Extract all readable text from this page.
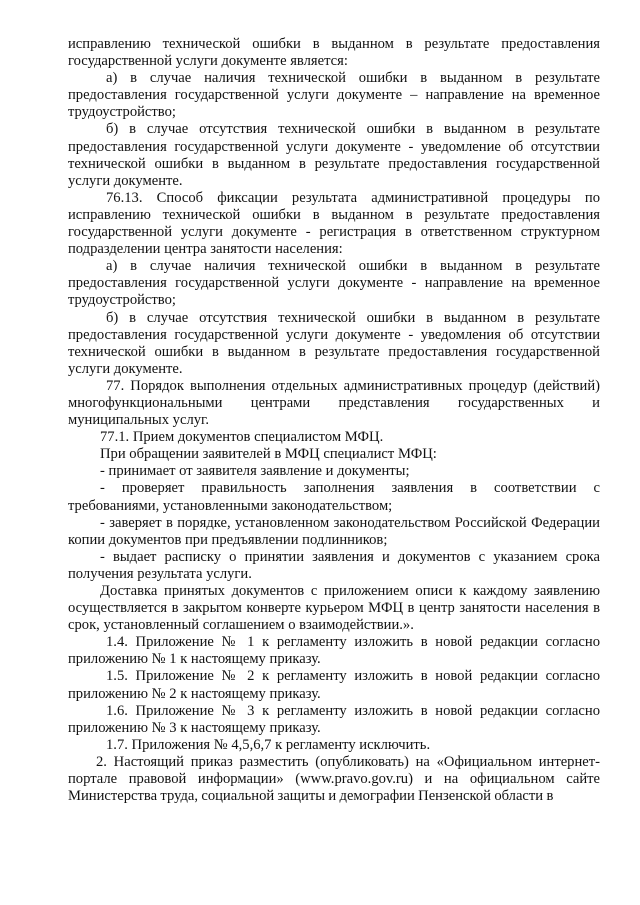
исправлению технической ошибки в выданном в результате предоставления государственной услуги документе является:

а) в случае наличия технической ошибки в выданном в результате предоставления государственной услуги документе – направление на временное трудоустройство;

б) в случае отсутствия технической ошибки в выданном в результате предоставления государственной услуги документе - уведомление об отсутствии технической ошибки в выданном в результате предоставления государственной услуги документе.

76.13. Способ фиксации результата административной процедуры по исправлению технической ошибки в выданном в результате предоставления государственной услуги документе - регистрация в ответственном структурном подразделении центра занятости населения:

а) в случае наличия технической ошибки в выданном в результате предоставления государственной услуги документе - направление на временное трудоустройство;

б) в случае отсутствия технической ошибки в выданном в результате предоставления государственной услуги документе - уведомления об отсутствии технической ошибки в выданном в результате предоставления государственной услуги документе.

77. Порядок выполнения отдельных административных процедур (действий) многофункциональными центрами представления государственных и муниципальных услуг.

77.1. Прием документов специалистом МФЦ.

При обращении заявителей в МФЦ специалист МФЦ:

- принимает от заявителя заявление и документы;

- проверяет правильность заполнения заявления в соответствии с требованиями, установленными законодательством;

- заверяет в порядке, установленном законодательством Российской Федерации копии документов при предъявлении подлинников;

- выдает расписку о принятии заявления и документов с указанием срока получения результата услуги.

Доставка принятых документов с приложением описи к каждому заявлению осуществляется в закрытом конверте курьером МФЦ в центр занятости населения в срок, установленный соглашением о взаимодействии.».

1.4. Приложение № 1 к регламенту изложить в новой редакции согласно приложению № 1 к настоящему приказу.

1.5. Приложение № 2 к регламенту изложить в новой редакции согласно приложению № 2 к настоящему приказу.

1.6. Приложение № 3 к регламенту изложить в новой редакции согласно приложению № 3 к настоящему приказу.

1.7. Приложения № 4,5,6,7 к регламенту исключить.

2. Настоящий приказ разместить (опубликовать) на «Официальном интернет-портале правовой информации» (www.pravo.gov.ru) и на официальном сайте Министерства труда, социальной защиты и демографии Пензенской области в
